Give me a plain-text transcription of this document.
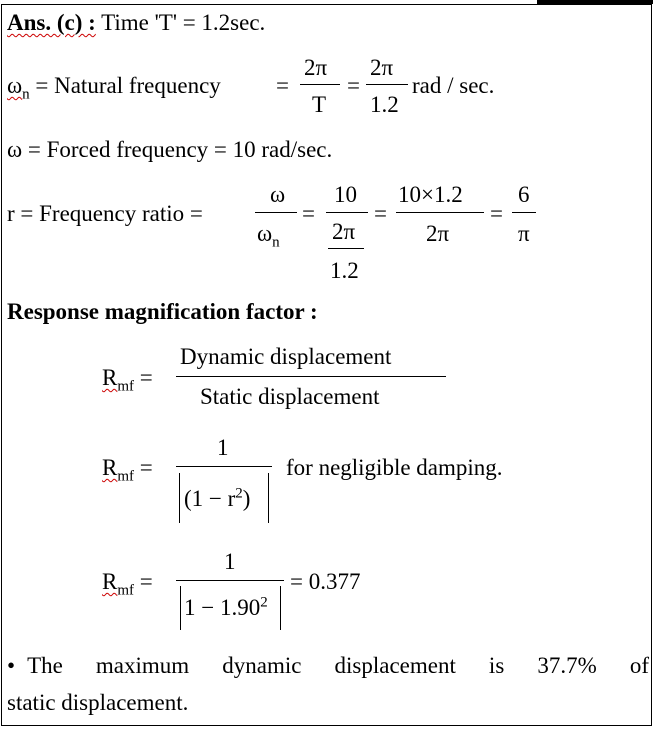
Ans. (c) : Time 'T' = 1.2sec.
$\omega_n$ = Natural frequency =
2π
T
=
2π
1.2
rad / sec.
ω = Forced frequency = 10 rad/sec.
r = Frequency ratio =
ω
$\omega_n$
=
10
2π
1.2
=
10×1.2
2π
=
6
π
Response magnification factor :
$R_{mf}$ =
Dynamic displacement
Static displacement
$R_{mf}$ =
1
$(1 - r^2)$
for negligible damping.
$R_{mf}$ =
1
$1 - 1.90^2$
= 0.377
• The maximum dynamic displacement is 37.7% of
static displacement.
